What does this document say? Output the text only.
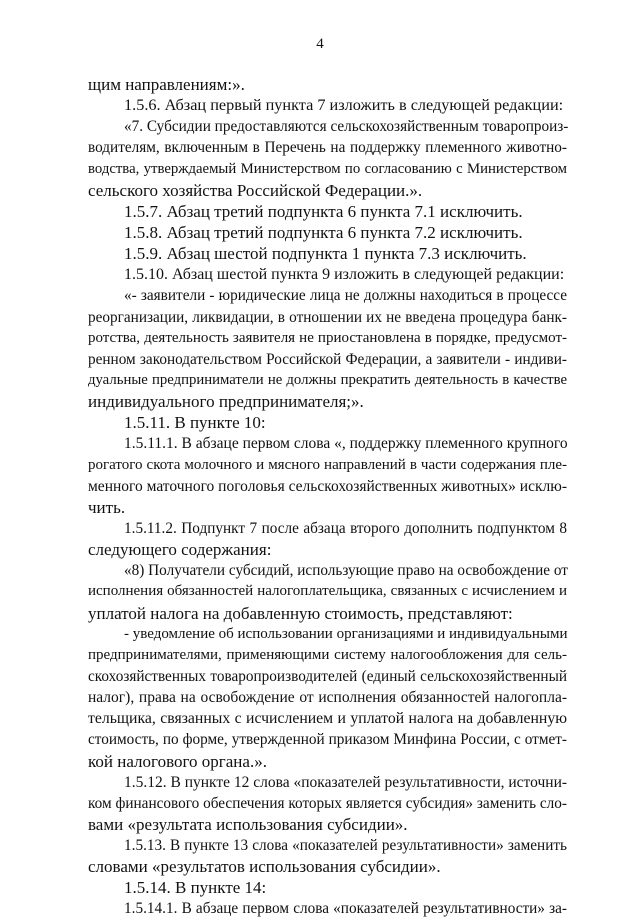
4
щим направлениям:».
1.5.6. Абзац первый пункта 7 изложить в следующей редакции:
«7. Субсидии предоставляются сельскохозяйственным товаропроиз-
водителям, включенным в Перечень на поддержку племенного животно-
водства, утверждаемый Министерством по согласованию с Министерством
сельского хозяйства Российской Федерации.».
1.5.7. Абзац третий подпункта 6 пункта 7.1 исключить.
1.5.8. Абзац третий подпункта 6 пункта 7.2 исключить.
1.5.9. Абзац шестой подпункта 1 пункта 7.3 исключить.
1.5.10. Абзац шестой пункта 9 изложить в следующей редакции:
«- заявители - юридические лица не должны находиться в процессе
реорганизации, ликвидации, в отношении их не введена процедура банк-
ротства, деятельность заявителя не приостановлена в порядке, предусмот-
ренном законодательством Российской Федерации, а заявители - индиви-
дуальные предприниматели не должны прекратить деятельность в качестве
индивидуального предпринимателя;».
1.5.11. В пункте 10:
1.5.11.1. В абзаце первом слова «, поддержку племенного крупного
рогатого скота молочного и мясного направлений в части содержания пле-
менного маточного поголовья сельскохозяйственных животных» исклю-
чить.
1.5.11.2. Подпункт 7 после абзаца второго дополнить подпунктом 8
следующего содержания:
«8) Получатели субсидий, использующие право на освобождение от
исполнения обязанностей налогоплательщика, связанных с исчислением и
уплатой налога на добавленную стоимость, представляют:
- уведомление об использовании организациями и индивидуальными
предпринимателями, применяющими систему налогообложения для сель-
скохозяйственных товаропроизводителей (единый сельскохозяйственный
налог), права на освобождение от исполнения обязанностей налогопла-
тельщика, связанных с исчислением и уплатой налога на добавленную
стоимость, по форме, утвержденной приказом Минфина России, с отмет-
кой налогового органа.».
1.5.12. В пункте 12 слова «показателей результативности, источни-
ком финансового обеспечения которых является субсидия» заменить сло-
вами «результата использования субсидии».
1.5.13. В пункте 13 слова «показателей результативности» заменить
словами «результатов использования субсидии».
1.5.14. В пункте 14:
1.5.14.1. В абзаце первом слова «показателей результативности» за-
